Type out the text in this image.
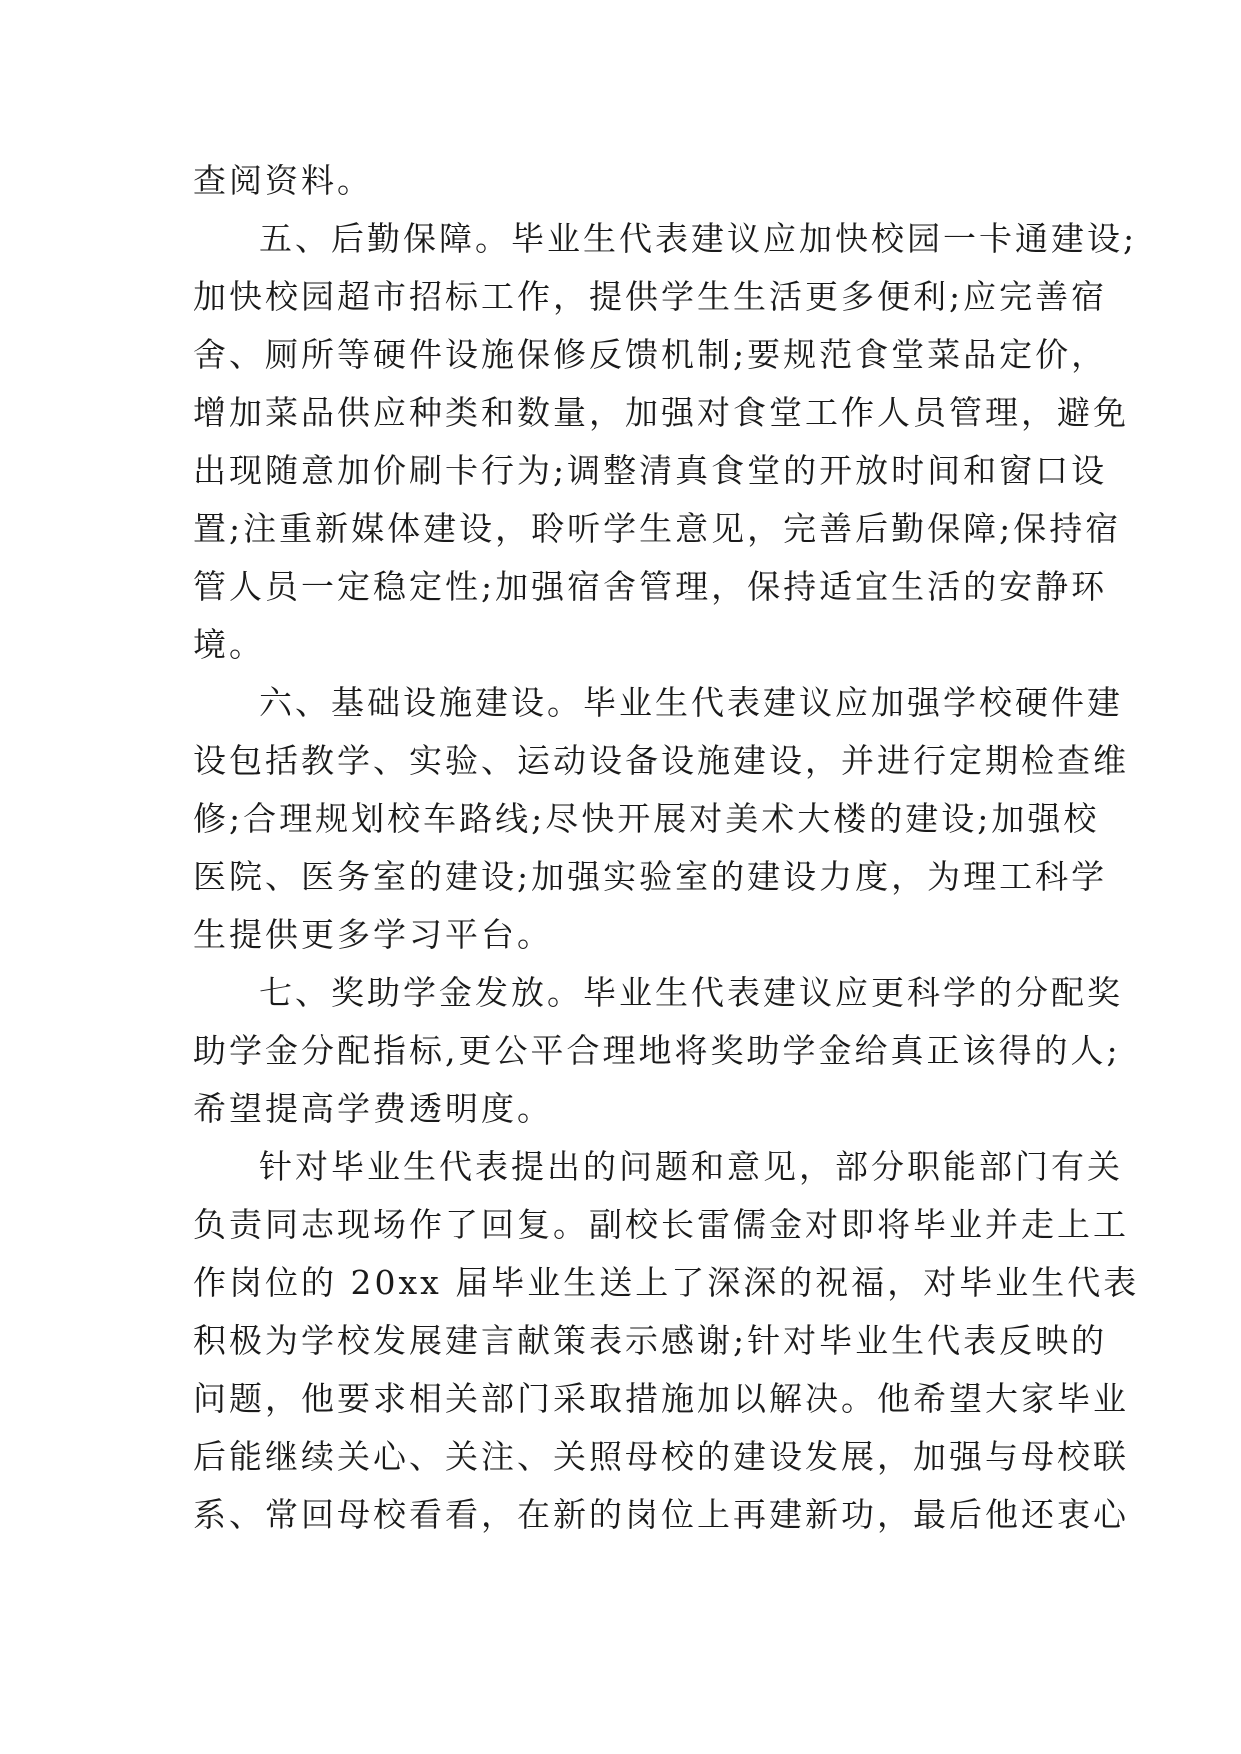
查阅资料。
五、后勤保障。毕业生代表建议应加快校园一卡通建设;
加快校园超市招标工作，提供学生生活更多便利;应完善宿
舍、厕所等硬件设施保修反馈机制;要规范食堂菜品定价，
增加菜品供应种类和数量，加强对食堂工作人员管理，避免
出现随意加价刷卡行为;调整清真食堂的开放时间和窗口设
置;注重新媒体建设，聆听学生意见，完善后勤保障;保持宿
管人员一定稳定性;加强宿舍管理，保持适宜生活的安静环
境。
六、基础设施建设。毕业生代表建议应加强学校硬件建
设包括教学、实验、运动设备设施建设，并进行定期检查维
修;合理规划校车路线;尽快开展对美术大楼的建设;加强校
医院、医务室的建设;加强实验室的建设力度，为理工科学
生提供更多学习平台。
七、奖助学金发放。毕业生代表建议应更科学的分配奖
助学金分配指标,更公平合理地将奖助学金给真正该得的人;
希望提高学费透明度。
针对毕业生代表提出的问题和意见，部分职能部门有关
负责同志现场作了回复。副校长雷儒金对即将毕业并走上工
作岗位的 20xx 届毕业生送上了深深的祝福，对毕业生代表
积极为学校发展建言献策表示感谢;针对毕业生代表反映的
问题，他要求相关部门采取措施加以解决。他希望大家毕业
后能继续关心、关注、关照母校的建设发展，加强与母校联
系、常回母校看看，在新的岗位上再建新功，最后他还衷心
